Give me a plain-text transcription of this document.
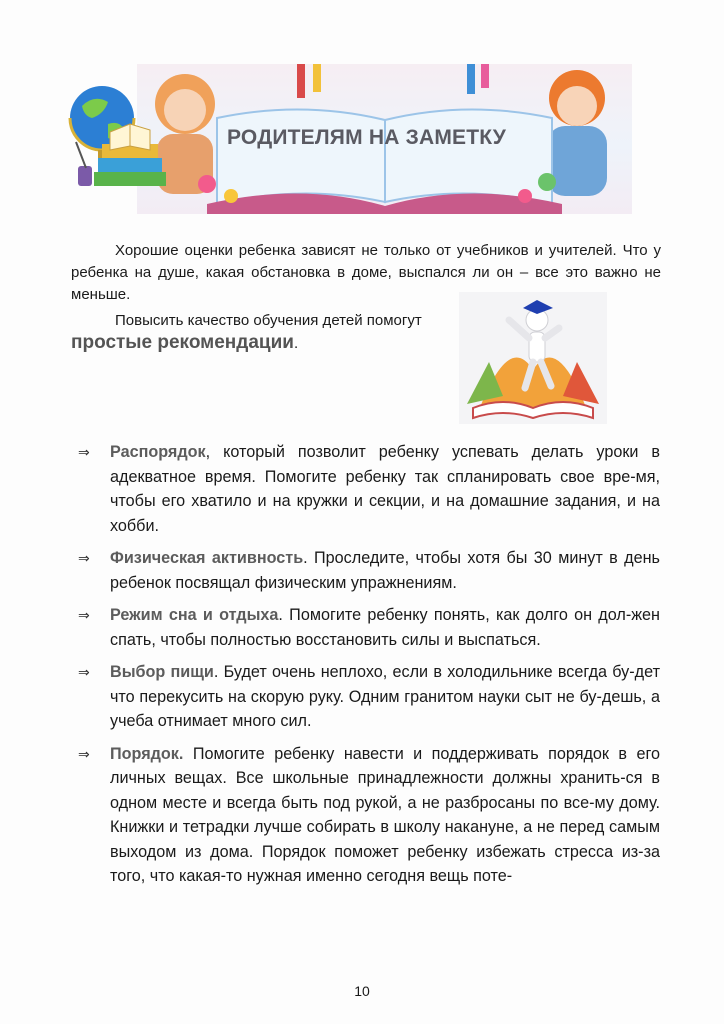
РОДИТЕЛЯМ НА ЗАМЕТКУ

Хорошие оценки ребенка зависят не только от учебников и учителей. Что у ребенка на душе, какая обстановка в доме, выспался ли он – все это важно не меньше.

Повысить качество обучения детей помогут
простые рекомендации.

⇒	Распорядок, который позволит ребенку успевать делать уроки в адекватное время. Помогите ребенку так спланировать свое вре-мя, чтобы его хватило и на кружки и секции, и на домашние задания, и на хобби.
⇒	Физическая активность. Проследите, чтобы хотя бы 30 минут в день ребенок посвящал физическим упражнениям.
⇒	Режим сна и отдыха. Помогите ребенку понять, как долго он дол-жен спать, чтобы полностью восстановить силы и выспаться.
⇒	Выбор пищи. Будет очень неплохо, если в холодильнике всегда бу-дет что перекусить на скорую руку. Одним гранитом науки сыт не бу-дешь, а учеба отнимает много сил.
⇒	Порядок. Помогите ребенку навести и поддерживать порядок в его личных вещах. Все школьные принадлежности должны хранить-ся в одном месте и всегда быть под рукой, а не разбросаны по все-му дому. Книжки и тетрадки лучше собирать в школу накануне, а не перед самым выходом из дома. Порядок поможет ребенку избежать стресса из-за того, что какая-то нужная именно сегодня вещь поте-
10
